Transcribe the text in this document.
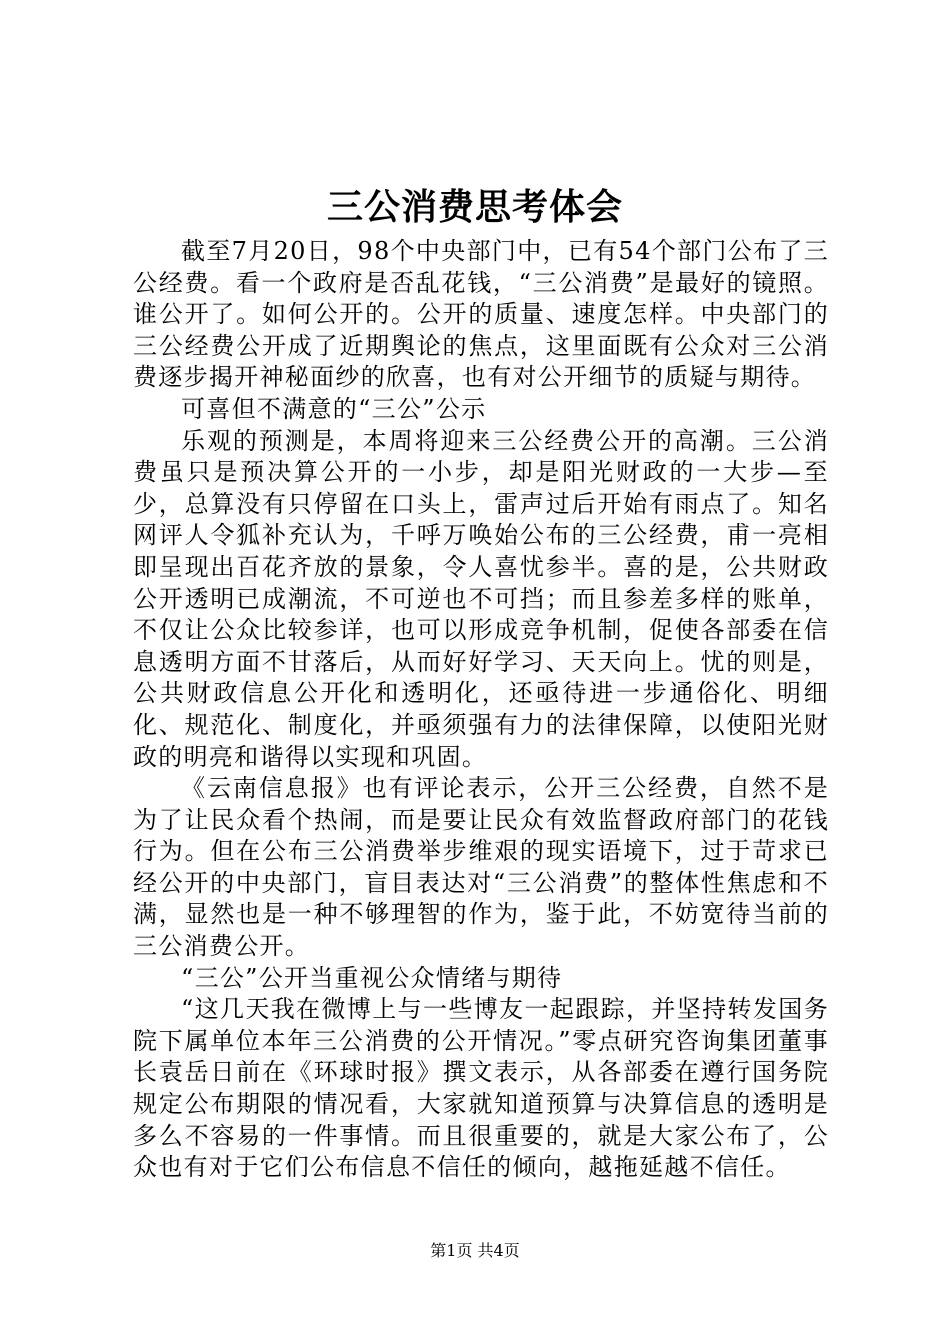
三公消费思考体会

截至7月20日，98个中央部门中，已有54个部门公布了三公经费。看一个政府是否乱花钱，“三公消费”是最好的镜照。谁公开了。如何公开的。公开的质量、速度怎样。中央部门的三公经费公开成了近期舆论的焦点，这里面既有公众对三公消费逐步揭开神秘面纱的欣喜，也有对公开细节的质疑与期待。

可喜但不满意的“三公”公示

乐观的预测是，本周将迎来三公经费公开的高潮。三公消费虽只是预决算公开的一小步，却是阳光财政的一大步—至少，总算没有只停留在口头上，雷声过后开始有雨点了。知名网评人令狐补充认为，千呼万唤始公布的三公经费，甫一亮相即呈现出百花齐放的景象，令人喜忧参半。喜的是，公共财政公开透明已成潮流，不可逆也不可挡；而且参差多样的账单，不仅让公众比较参详，也可以形成竞争机制，促使各部委在信息透明方面不甘落后，从而好好学习、天天向上。忧的则是，公共财政信息公开化和透明化，还亟待进一步通俗化、明细化、规范化、制度化，并亟须强有力的法律保障，以使阳光财政的明亮和谐得以实现和巩固。

《云南信息报》也有评论表示，公开三公经费，自然不是为了让民众看个热闹，而是要让民众有效监督政府部门的花钱行为。但在公布三公消费举步维艰的现实语境下，过于苛求已经公开的中央部门，盲目表达对“三公消费”的整体性焦虑和不满，显然也是一种不够理智的作为，鉴于此，不妨宽待当前的三公消费公开。

“三公”公开当重视公众情绪与期待

“这几天我在微博上与一些博友一起跟踪，并坚持转发国务院下属单位本年三公消费的公开情况。”零点研究咨询集团董事长袁岳日前在《环球时报》撰文表示，从各部委在遵行国务院规定公布期限的情况看，大家就知道预算与决算信息的透明是多么不容易的一件事情。而且很重要的，就是大家公布了，公众也有对于它们公布信息不信任的倾向，越拖延越不信任。

第1页 共4页
